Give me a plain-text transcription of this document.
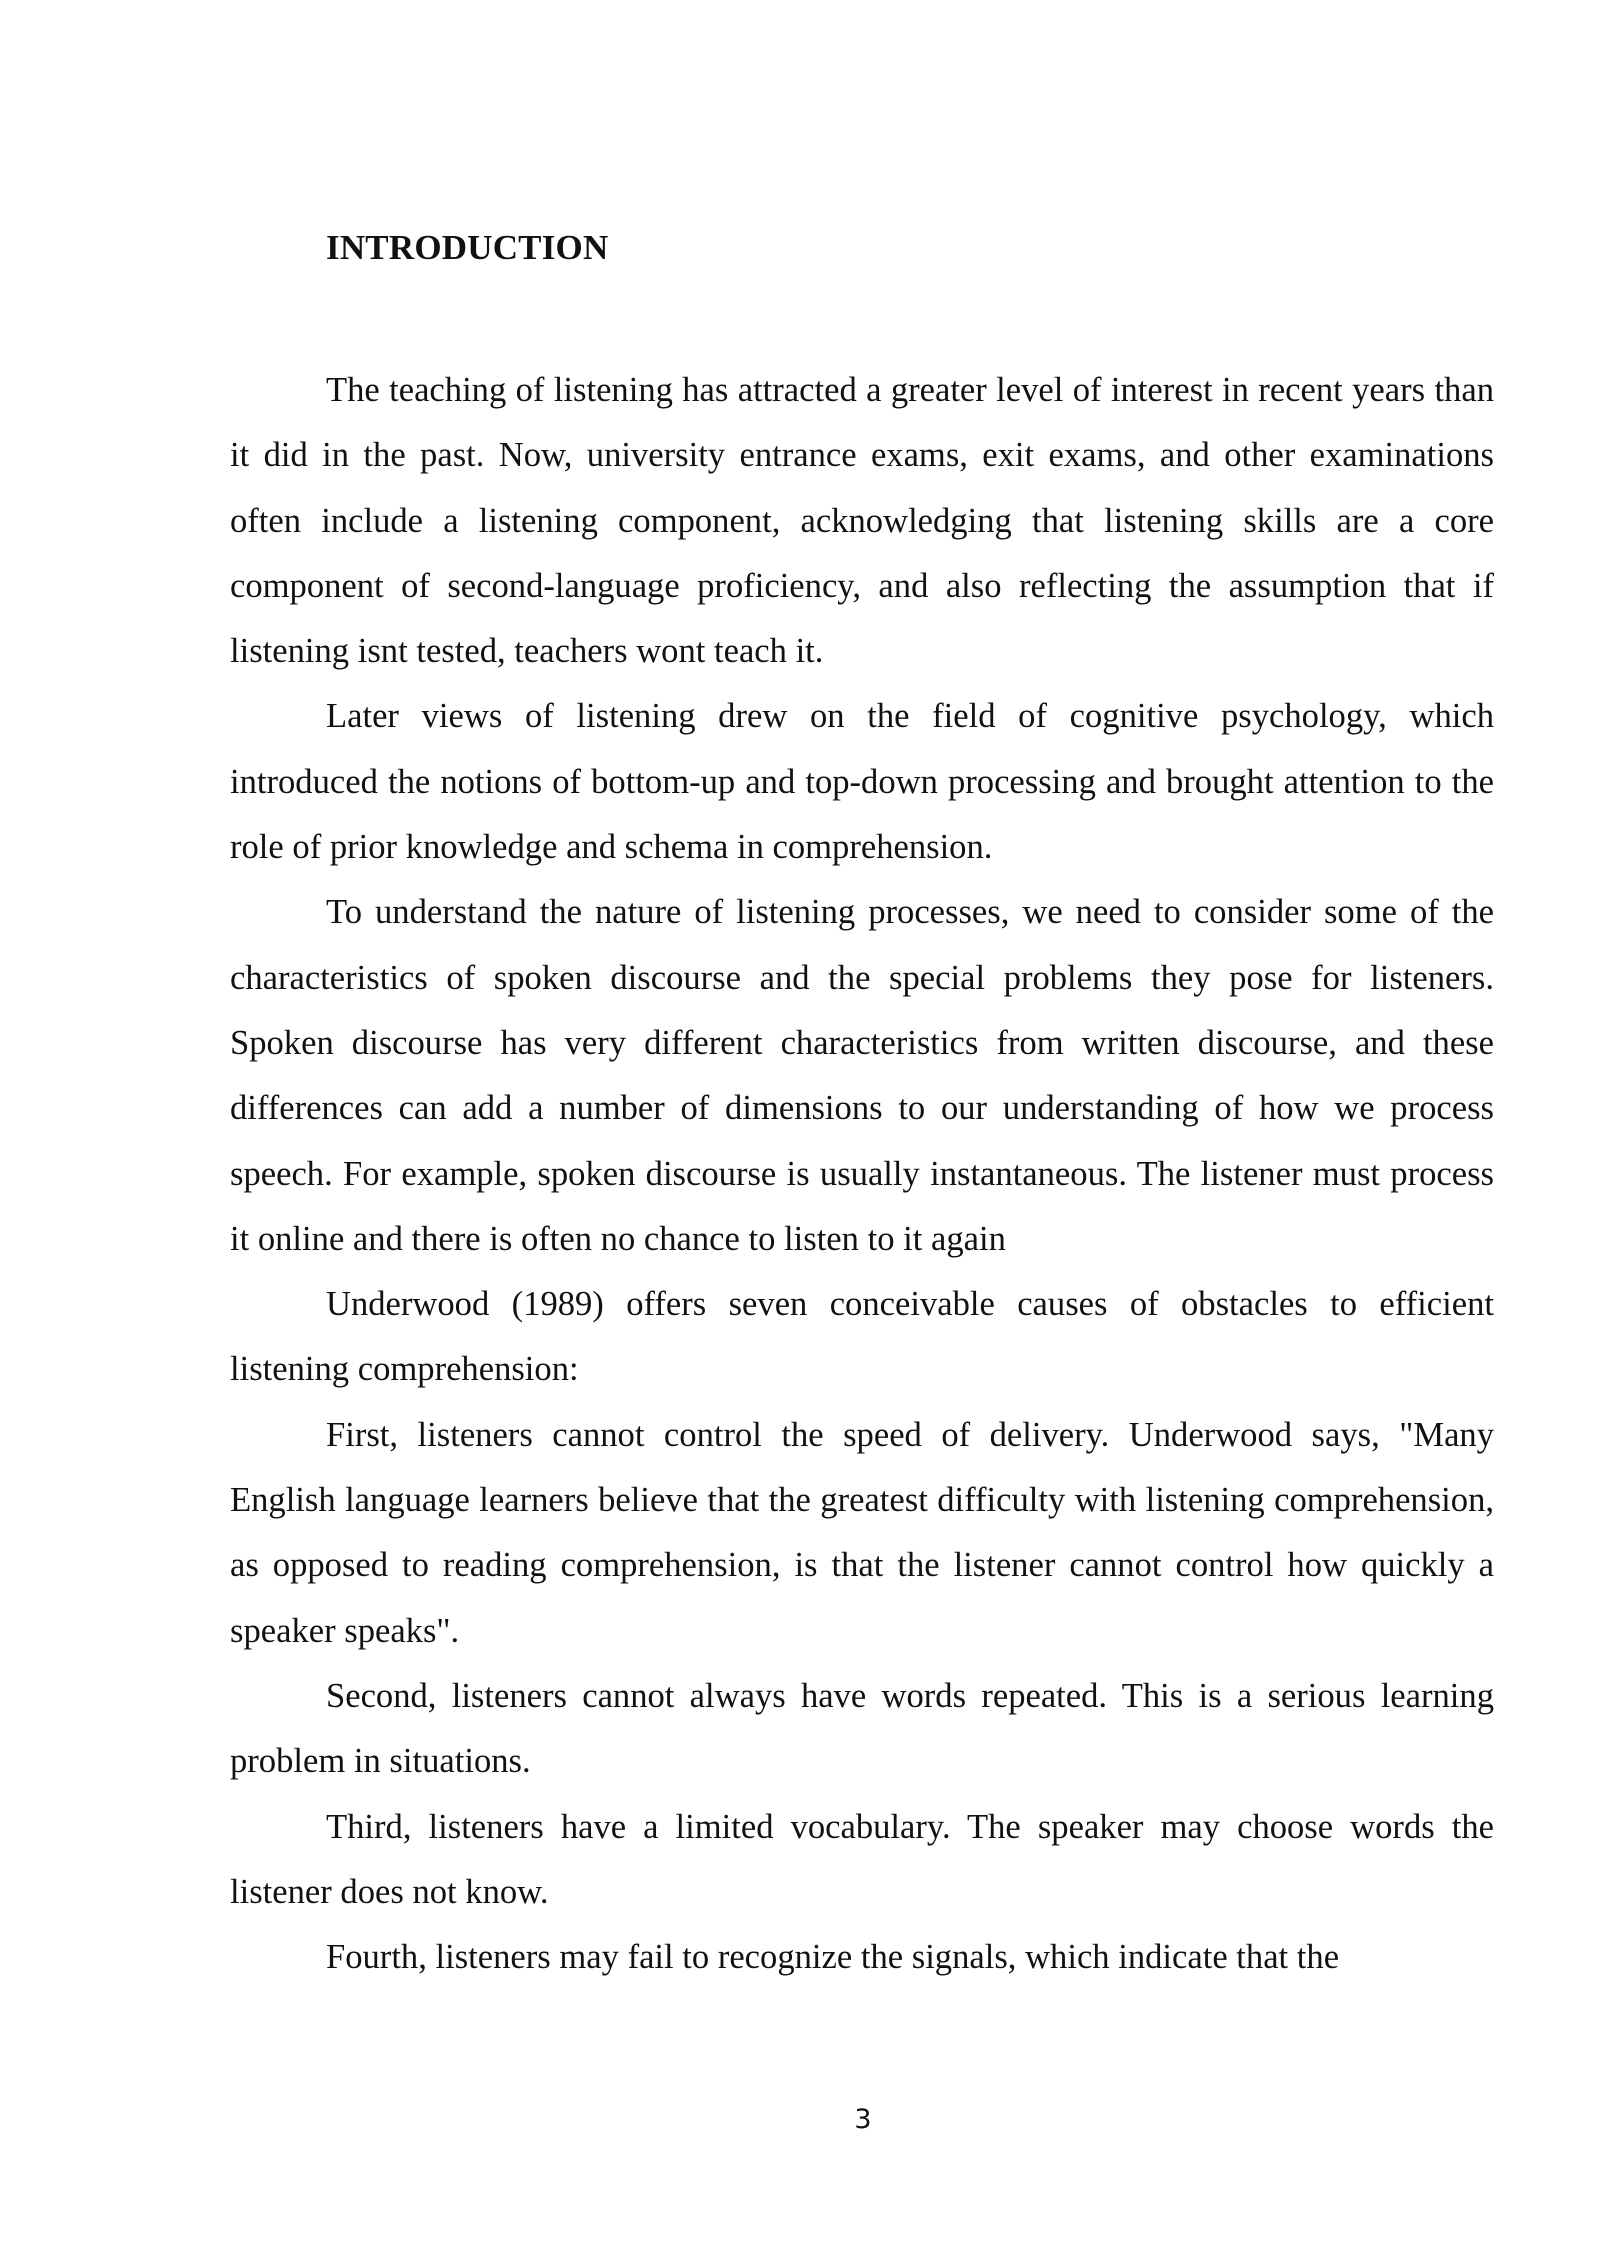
INTRODUCTION

The teaching of listening has attracted a greater level of interest in recent years than it did in the past. Now, university entrance exams, exit exams, and other examinations often include a listening component, acknowledging that listening skills are a core component of second-language proficiency, and also reflecting the assumption that if listening isnt tested, teachers wont teach it.

Later views of listening drew on the field of cognitive psychology, which introduced the notions of bottom-up and top-down processing and brought attention to the role of prior knowledge and schema in comprehension.

To understand the nature of listening processes, we need to consider some of the characteristics of spoken discourse and the special problems they pose for listeners. Spoken discourse has very different characteristics from written discourse, and these differences can add a number of dimensions to our understanding of how we process speech. For example, spoken discourse is usually instantaneous. The listener must process it online and there is often no chance to listen to it again

Underwood (1989) offers seven conceivable causes of obstacles to efficient listening comprehension:

First, listeners cannot control the speed of delivery. Underwood says, "Many English language learners believe that the greatest difficulty with listening comprehension, as opposed to reading comprehension, is that the listener cannot control how quickly a speaker speaks".

Second, listeners cannot always have words repeated. This is a serious learning problem in situations.

Third, listeners have a limited vocabulary. The speaker may choose words the listener does not know.

Fourth, listeners may fail to recognize the signals, which indicate that the

3
